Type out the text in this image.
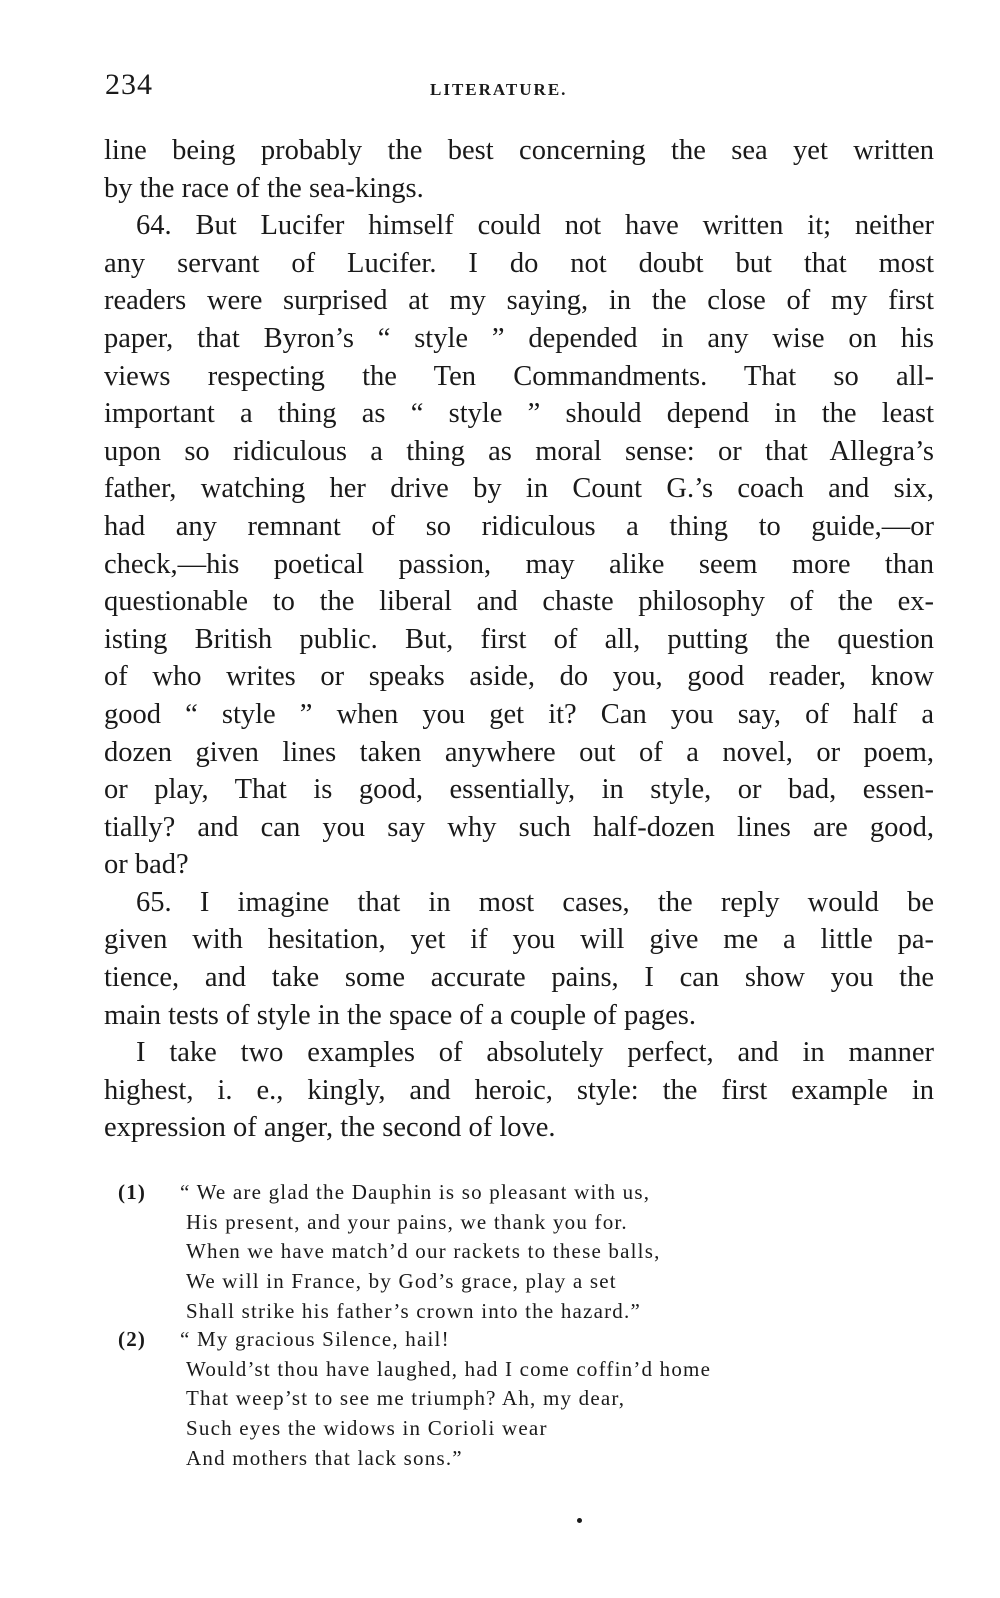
234	LITERATURE.
line being probably the best concerning the sea yet written
by the race of the sea-kings.
64. But Lucifer himself could not have written it; neither
any servant of Lucifer. I do not doubt but that most
readers were surprised at my saying, in the close of my first
paper, that Byron’s “ style ” depended in any wise on his
views respecting the Ten Commandments. That so all-
important a thing as “ style ” should depend in the least
upon so ridiculous a thing as moral sense: or that Allegra’s
father, watching her drive by in Count G.’s coach and six,
had any remnant of so ridiculous a thing to guide,—or
check,—his poetical passion, may alike seem more than
questionable to the liberal and chaste philosophy of the ex-
isting British public. But, first of all, putting the question
of who writes or speaks aside, do you, good reader, know
good “ style ” when you get it? Can you say, of half a
dozen given lines taken anywhere out of a novel, or poem,
or play, That is good, essentially, in style, or bad, essen-
tially? and can you say why such half-dozen lines are good,
or bad?
65. I imagine that in most cases, the reply would be
given with hesitation, yet if you will give me a little pa-
tience, and take some accurate pains, I can show you the
main tests of style in the space of a couple of pages.
I take two examples of absolutely perfect, and in manner
highest, i. e., kingly, and heroic, style: the first example in
expression of anger, the second of love.
(1) “ We are glad the Dauphin is so pleasant with us,
His present, and your pains, we thank you for.
When we have match’d our rackets to these balls,
We will in France, by God’s grace, play a set
Shall strike his father’s crown into the hazard.”
(2) “ My gracious Silence, hail!
Would’st thou have laughed, had I come coffin’d home
That weep’st to see me triumph? Ah, my dear,
Such eyes the widows in Corioli wear
And mothers that lack sons.”
